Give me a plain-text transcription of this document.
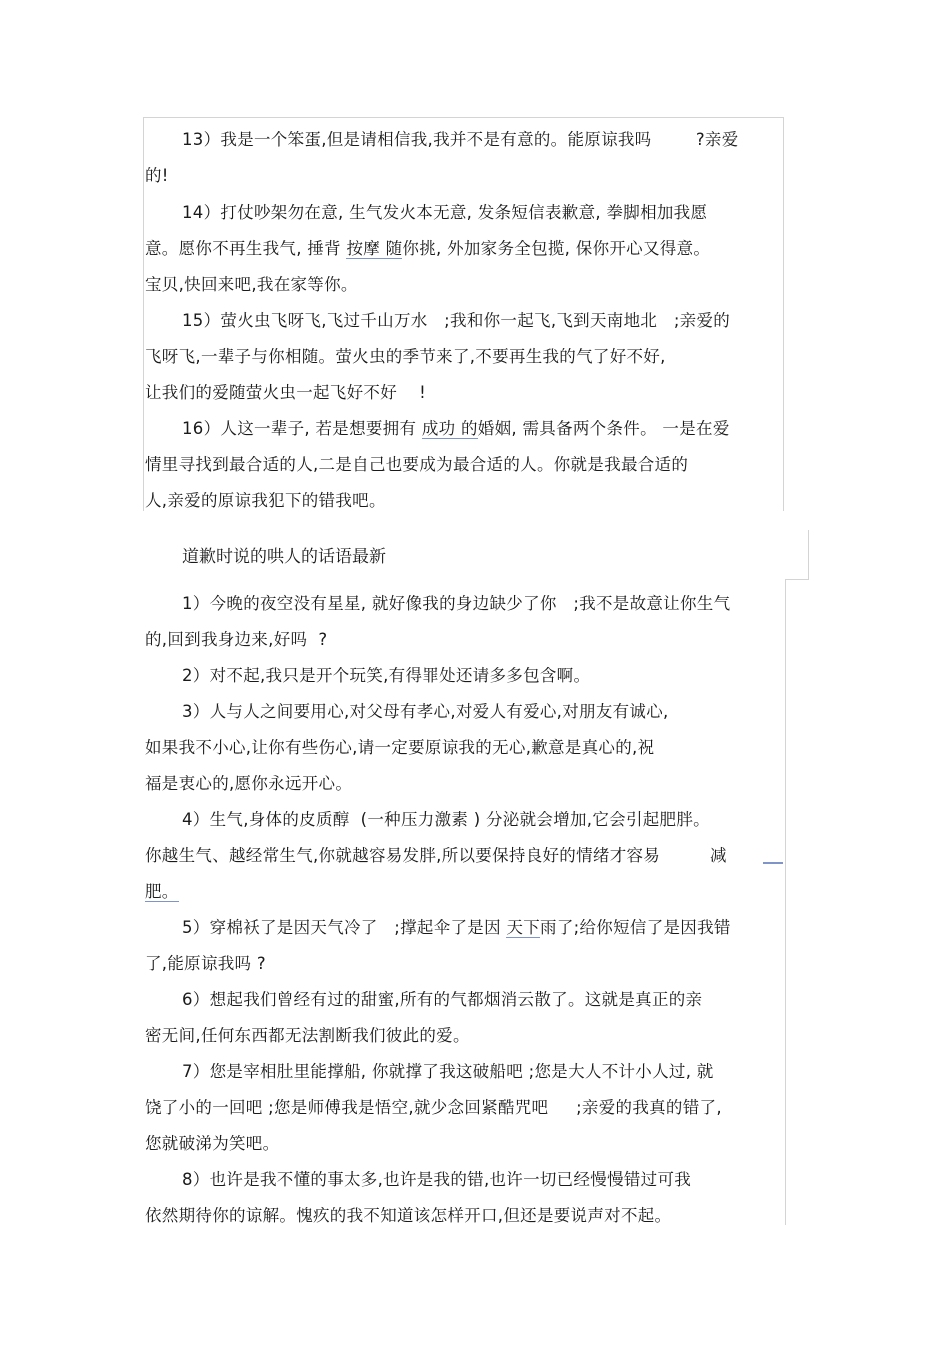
13）我是一个笨蛋,但是请相信我,我并不是有意的。能原谅我吗        ?亲爱
的!
14）打仗吵架勿在意, 生气发火本无意, 发条短信表歉意, 拳脚相加我愿
意。愿你不再生我气, 捶背 按摩 随你挑, 外加家务全包揽, 保你开心又得意。
宝贝,快回来吧,我在家等你。
15）萤火虫飞呀飞,飞过千山万水   ;我和你一起飞,飞到天南地北   ;亲爱的
飞呀飞,一辈子与你相随。萤火虫的季节来了,不要再生我的气了好不好,
让我们的爱随萤火虫一起飞好不好    !
16）人这一辈子, 若是想要拥有 成功 的婚姻, 需具备两个条件。 一是在爱
情里寻找到最合适的人,二是自己也要成为最合适的人。你就是我最合适的
人,亲爱的原谅我犯下的错我吧。
道歉时说的哄人的话语最新
1）今晚的夜空没有星星, 就好像我的身边缺少了你   ;我不是故意让你生气
的,回到我身边来,好吗  ?
2）对不起,我只是开个玩笑,有得罪处还请多多包含啊。
3）人与人之间要用心,对父母有孝心,对爱人有爱心,对朋友有诚心,
如果我不小心,让你有些伤心,请一定要原谅我的无心,歉意是真心的,祝
福是衷心的,愿你永远开心。
4）生气,身体的皮质醇  (一种压力激素 ) 分泌就会增加,它会引起肥胖。
你越生气、越经常生气,你就越容易发胖,所以要保持良好的情绪才容易         减
肥。
5）穿棉袄了是因天气冷了   ;撑起伞了是因 天下雨了;给你短信了是因我错
了,能原谅我吗 ?
6）想起我们曾经有过的甜蜜,所有的气都烟消云散了。这就是真正的亲
密无间,任何东西都无法割断我们彼此的爱。
7）您是宰相肚里能撑船, 你就撑了我这破船吧 ;您是大人不计小人过, 就
饶了小的一回吧 ;您是师傅我是悟空,就少念回紧酷咒吧     ;亲爱的我真的错了,
您就破涕为笑吧。
8）也许是我不懂的事太多,也许是我的错,也许一切已经慢慢错过可我
依然期待你的谅解。愧疚的我不知道该怎样开口,但还是要说声对不起。
